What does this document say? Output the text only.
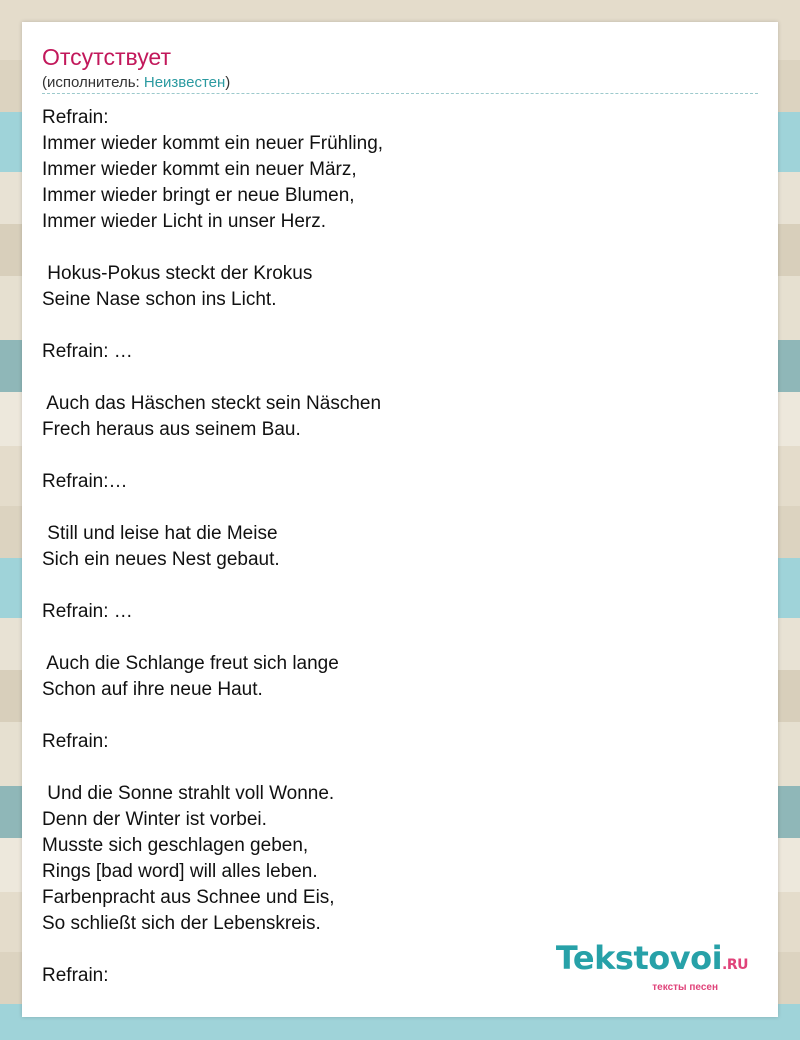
Отсутствует
(исполнитель: Неизвестен)
Refrain:
Immer wieder kommt ein neuer Frühling,
Immer wieder kommt ein neuer März,
Immer wieder bringt er neue Blumen,
Immer wieder Licht in unser Herz.

Hokus-Pokus steckt der Krokus
Seine Nase schon ins Licht.

Refrain: …

Auch das Häschen steckt sein Näschen
Frech heraus aus seinem Bau.

Refrain:…

Still und leise hat die Meise
Sich ein neues Nest gebaut.

Refrain: …

Auch die Schlange freut sich lange
Schon auf ihre neue Haut.

Refrain:

Und die Sonne strahlt voll Wonne.
Denn der Winter ist vorbei.
Musste sich geschlagen geben,
Rings [bad word] will alles leben.
Farbenpracht aus Schnee und Eis,
So schließt sich der Lebenskreis.

Refrain:	Tekstovoi.RU
тексты песен
